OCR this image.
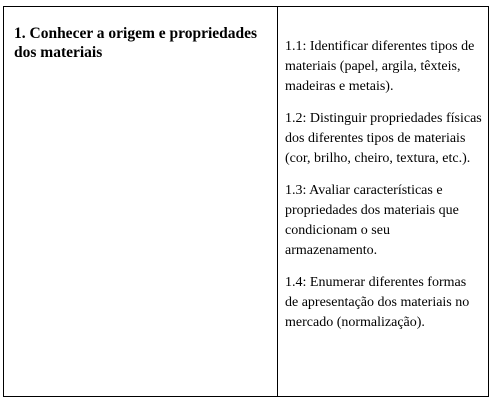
1. Conhecer a origem e propriedades dos materiais	1.1: Identificar diferentes tipos de materiais (papel, argila, têxteis, madeiras e metais).

1.2: Distinguir propriedades físicas dos diferentes tipos de materiais (cor, brilho, cheiro, textura, etc.).

1.3: Avaliar características e propriedades dos materiais que condicionam o seu armazenamento.

1.4: Enumerar diferentes formas de apresentação dos materiais no mercado (normalização).
